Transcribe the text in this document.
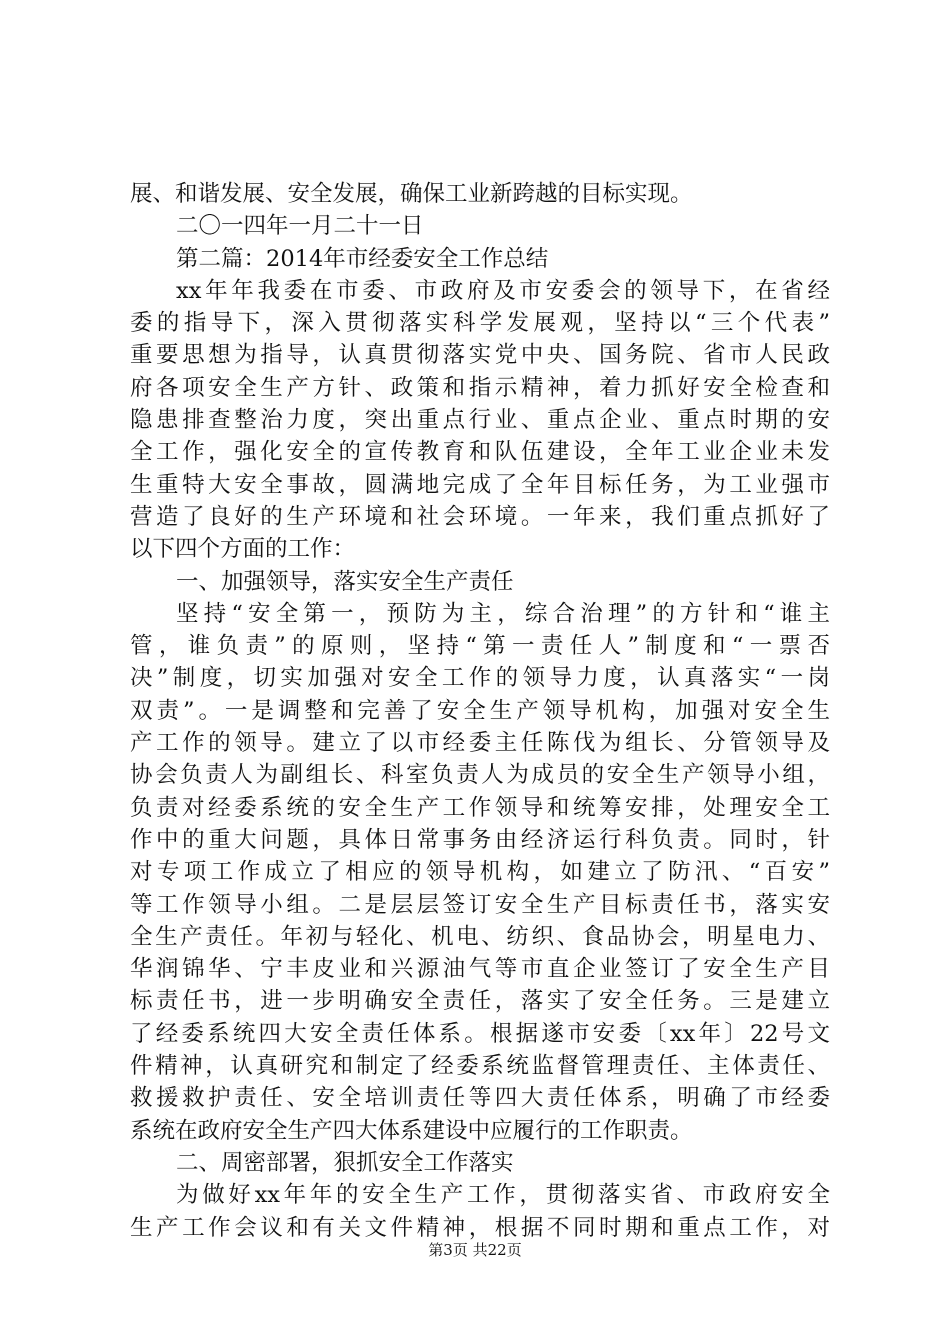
展、和谐发展、安全发展，确保工业新跨越的目标实现。
二〇一四年一月二十一日
第二篇：2014年市经委安全工作总结
xx年年我委在市委、市政府及市安委会的领导下，在省经
委的指导下，深入贯彻落实科学发展观，坚持以“三个代表”
重要思想为指导，认真贯彻落实党中央、国务院、省市人民政
府各项安全生产方针、政策和指示精神，着力抓好安全检查和
隐患排查整治力度，突出重点行业、重点企业、重点时期的安
全工作，强化安全的宣传教育和队伍建设，全年工业企业未发
生重特大安全事故，圆满地完成了全年目标任务，为工业强市
营造了良好的生产环境和社会环境。一年来，我们重点抓好了
以下四个方面的工作：
一、加强领导，落实安全生产责任
坚持“安全第一，预防为主，综合治理”的方针和“谁主
管，谁负责”的原则，坚持“第一责任人”制度和“一票否
决”制度，切实加强对安全工作的领导力度，认真落实“一岗
双责”。一是调整和完善了安全生产领导机构，加强对安全生
产工作的领导。建立了以市经委主任陈伐为组长、分管领导及
协会负责人为副组长、科室负责人为成员的安全生产领导小组，
负责对经委系统的安全生产工作领导和统筹安排，处理安全工
作中的重大问题，具体日常事务由经济运行科负责。同时，针
对专项工作成立了相应的领导机构，如建立了防汛、“百安”
等工作领导小组。二是层层签订安全生产目标责任书，落实安
全生产责任。年初与轻化、机电、纺织、食品协会，明星电力、
华润锦华、宁丰皮业和兴源油气等市直企业签订了安全生产目
标责任书，进一步明确安全责任，落实了安全任务。三是建立
了经委系统四大安全责任体系。根据遂市安委〔xx年〕22号文
件精神，认真研究和制定了经委系统监督管理责任、主体责任、
救援救护责任、安全培训责任等四大责任体系，明确了市经委
系统在政府安全生产四大体系建设中应履行的工作职责。
二、周密部署，狠抓安全工作落实
为做好xx年年的安全生产工作，贯彻落实省、市政府安全
生产工作会议和有关文件精神，根据不同时期和重点工作，对
第3页 共22页
